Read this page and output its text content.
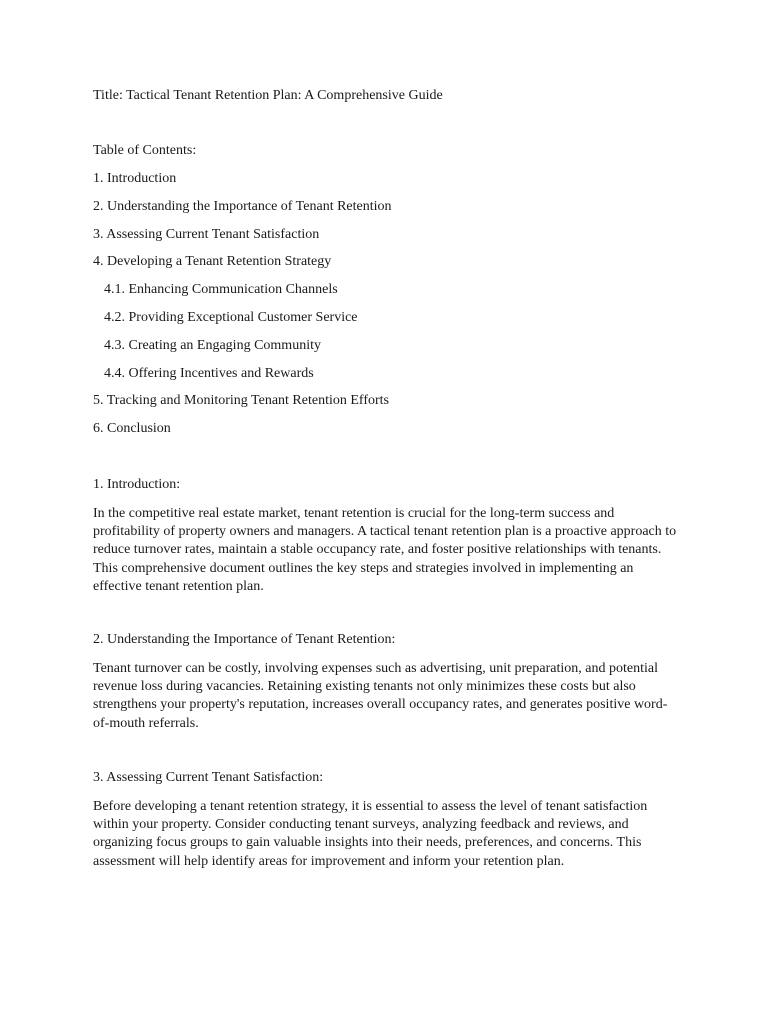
Title: Tactical Tenant Retention Plan: A Comprehensive Guide
Table of Contents:
1. Introduction
2. Understanding the Importance of Tenant Retention
3. Assessing Current Tenant Satisfaction
4. Developing a Tenant Retention Strategy
4.1. Enhancing Communication Channels
4.2. Providing Exceptional Customer Service
4.3. Creating an Engaging Community
4.4. Offering Incentives and Rewards
5. Tracking and Monitoring Tenant Retention Efforts
6. Conclusion

1. Introduction:

In the competitive real estate market, tenant retention is crucial for the long-term success and profitability of property owners and managers. A tactical tenant retention plan is a proactive approach to reduce turnover rates, maintain a stable occupancy rate, and foster positive relationships with tenants. This comprehensive document outlines the key steps and strategies involved in implementing an effective tenant retention plan.

2. Understanding the Importance of Tenant Retention:

Tenant turnover can be costly, involving expenses such as advertising, unit preparation, and potential revenue loss during vacancies. Retaining existing tenants not only minimizes these costs but also strengthens your property's reputation, increases overall occupancy rates, and generates positive word-of-mouth referrals.

3. Assessing Current Tenant Satisfaction:

Before developing a tenant retention strategy, it is essential to assess the level of tenant satisfaction within your property. Consider conducting tenant surveys, analyzing feedback and reviews, and organizing focus groups to gain valuable insights into their needs, preferences, and concerns. This assessment will help identify areas for improvement and inform your retention plan.
